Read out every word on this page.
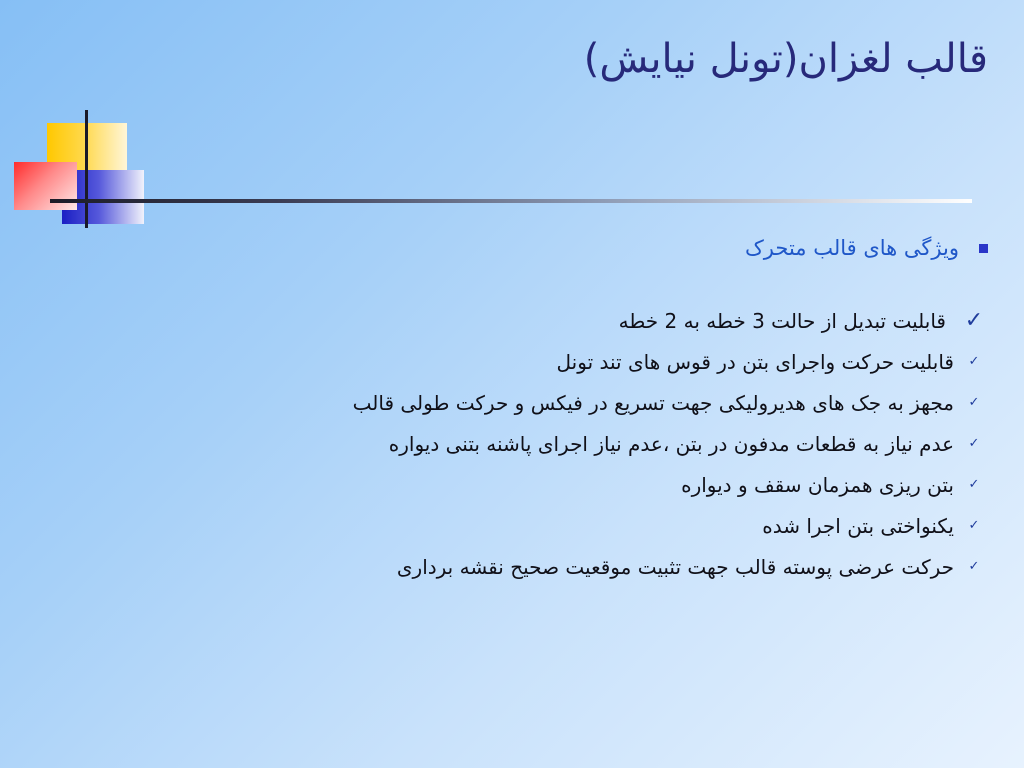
قالب لغزان(تونل نیایش)
ویژگی های قالب متحرک
✓
قابلیت تبدیل از حالت 3 خطه به 2 خطه
✓
قابلیت حرکت واجرای بتن در قوس های تند تونل
✓
مجهز به جک های هدیرولیکی جهت تسریع در فیکس و حرکت طولی قالب
✓
عدم نیاز به قطعات مدفون در بتن ،عدم نیاز اجرای پاشنه بتنی دیواره
✓
بتن ریزی همزمان سقف و دیواره
✓
یکنواختی بتن اجرا شده
✓
حرکت عرضی پوسته قالب جهت تثبیت موقعیت صحیح نقشه برداری
